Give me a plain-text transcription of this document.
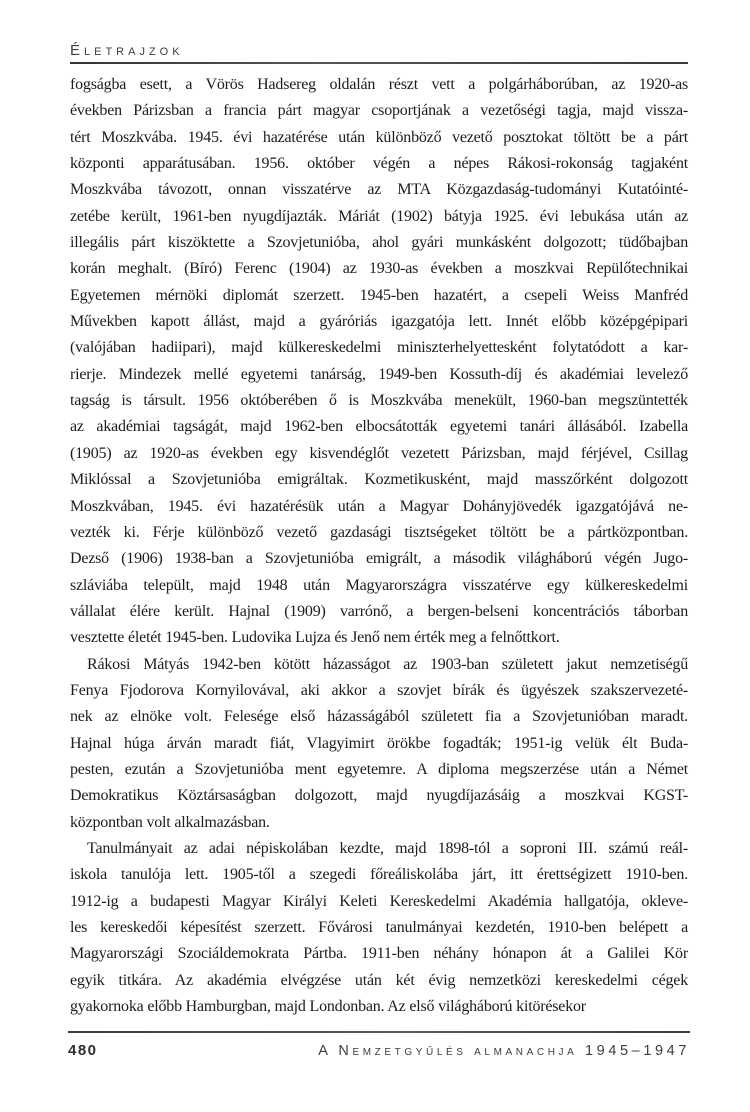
Életrajzok
fogságba esett, a Vörös Hadsereg oldalán részt vett a polgárháborúban, az 1920-as
években Párizsban a francia párt magyar csoportjának a vezetőségi tagja, majd vissza-
tért Moszkvába. 1945. évi hazatérése után különböző vezető posztokat töltött be a párt
központi apparátusában. 1956. október végén a népes Rákosi-rokonság tagjaként
Moszkvába távozott, onnan visszatérve az MTA Közgazdaság-tudományi Kutatóinté-
zetébe került, 1961-ben nyugdíjazták. Máriát (1902) bátyja 1925. évi lebukása után az
illegális párt kiszöktette a Szovjetunióba, ahol gyári munkásként dolgozott; tüdőbajban
korán meghalt. (Bíró) Ferenc (1904) az 1930-as években a moszkvai Repülőtechnikai
Egyetemen mérnöki diplomát szerzett. 1945-ben hazatért, a csepeli Weiss Manfréd
Művekben kapott állást, majd a gyáróriás igazgatója lett. Innét előbb középgépipari
(valójában hadiipari), majd külkereskedelmi miniszterhelyettesként folytatódott a kar-
rierje. Mindezek mellé egyetemi tanárság, 1949-ben Kossuth-díj és akadémiai levelező
tagság is társult. 1956 októberében ő is Moszkvába menekült, 1960-ban megszüntették
az akadémiai tagságát, majd 1962-ben elbocsátották egyetemi tanári állásából. Izabella
(1905) az 1920-as években egy kisvendéglőt vezetett Párizsban, majd férjével, Csillag
Miklóssal a Szovjetunióba emigráltak. Kozmetikusként, majd masszőrként dolgozott
Moszkvában, 1945. évi hazatérésük után a Magyar Dohányjövedék igazgatójává ne-
vezték ki. Férje különböző vezető gazdasági tisztségeket töltött be a pártközpontban.
Dezső (1906) 1938-ban a Szovjetunióba emigrált, a második világháború végén Jugo-
szláviába települt, majd 1948 után Magyarországra visszatérve egy külkereskedelmi
vállalat élére került. Hajnal (1909) varrónő, a bergen-belseni koncentrációs táborban
vesztette életét 1945-ben. Ludovika Lujza és Jenő nem érték meg a felnőttkort.
Rákosi Mátyás 1942-ben kötött házasságot az 1903-ban született jakut nemzetiségű
Fenya Fjodorova Kornyilovával, aki akkor a szovjet bírák és ügyészek szakszervezeté-
nek az elnöke volt. Felesége első házasságából született fia a Szovjetunióban maradt.
Hajnal húga árván maradt fiát, Vlagyimirt örökbe fogadták; 1951-ig velük élt Buda-
pesten, ezután a Szovjetunióba ment egyetemre. A diploma megszerzése után a Német
Demokratikus Köztársaságban dolgozott, majd nyugdíjazásáig a moszkvai KGST-
központban volt alkalmazásban.
Tanulmányait az adai népiskolában kezdte, majd 1898-tól a soproni III. számú reál-
iskola tanulója lett. 1905-től a szegedi főreáliskolába járt, itt érettségizett 1910-ben.
1912-ig a budapesti Magyar Királyi Keleti Kereskedelmi Akadémia hallgatója, okleve-
les kereskedői képesítést szerzett. Fővárosi tanulmányai kezdetén, 1910-ben belépett a
Magyarországi Szociáldemokrata Pártba. 1911-ben néhány hónapon át a Galilei Kör
egyik titkára. Az akadémia elvégzése után két évig nemzetközi kereskedelmi cégek
gyakornoka előbb Hamburgban, majd Londonban. Az első világháború kitörésekor
480	A Nemzetgyűlés almanachja 1945–1947
